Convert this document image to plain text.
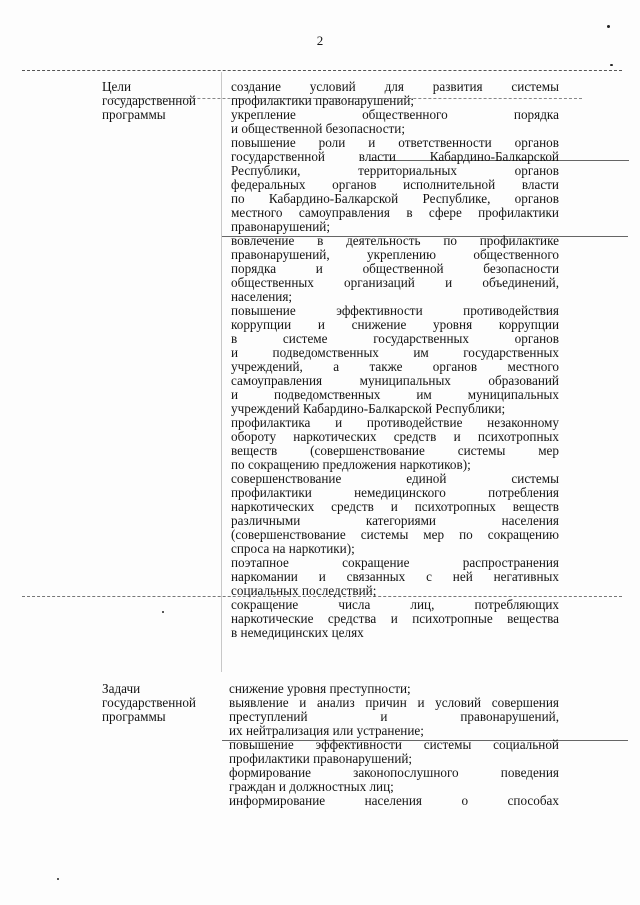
2
Цели
государственной
программы
создание условий для развития системы
профилактики правонарушений;
укрепление общественного порядка
и общественной безопасности;
повышение роли и ответственности органов
государственной власти Кабардино-Балкарской
Республики, территориальных органов
федеральных органов исполнительной власти
по Кабардино-Балкарской Республике, органов
местного самоуправления в сфере профилактики
правонарушений;
вовлечение в деятельность по профилактике
правонарушений, укреплению общественного
порядка и общественной безопасности
общественных организаций и объединений,
населения;
повышение эффективности противодействия
коррупции и снижение уровня коррупции
в системе государственных органов
и подведомственных им государственных
учреждений, а также органов местного
самоуправления муниципальных образований
и подведомственных им муниципальных
учреждений Кабардино-Балкарской Республики;
профилактика и противодействие незаконному
обороту наркотических средств и психотропных
веществ (совершенствование системы мер
по сокращению предложения наркотиков);
совершенствование единой системы
профилактики немедицинского потребления
наркотических средств и психотропных веществ
различными категориями населения
(совершенствование системы мер по сокращению
спроса на наркотики);
поэтапное сокращение распространения
наркомании и связанных с ней негативных
социальных последствий;
сокращение числа лиц, потребляющих
наркотические средства и психотропные вещества
в немедицинских целях
Задачи
государственной
программы
снижение уровня преступности;
выявление и анализ причин и условий совершения
преступлений и правонарушений,
их нейтрализация или устранение;
повышение эффективности системы социальной
профилактики правонарушений;
формирование законопослушного поведения
граждан и должностных лиц;
информирование населения о способах
